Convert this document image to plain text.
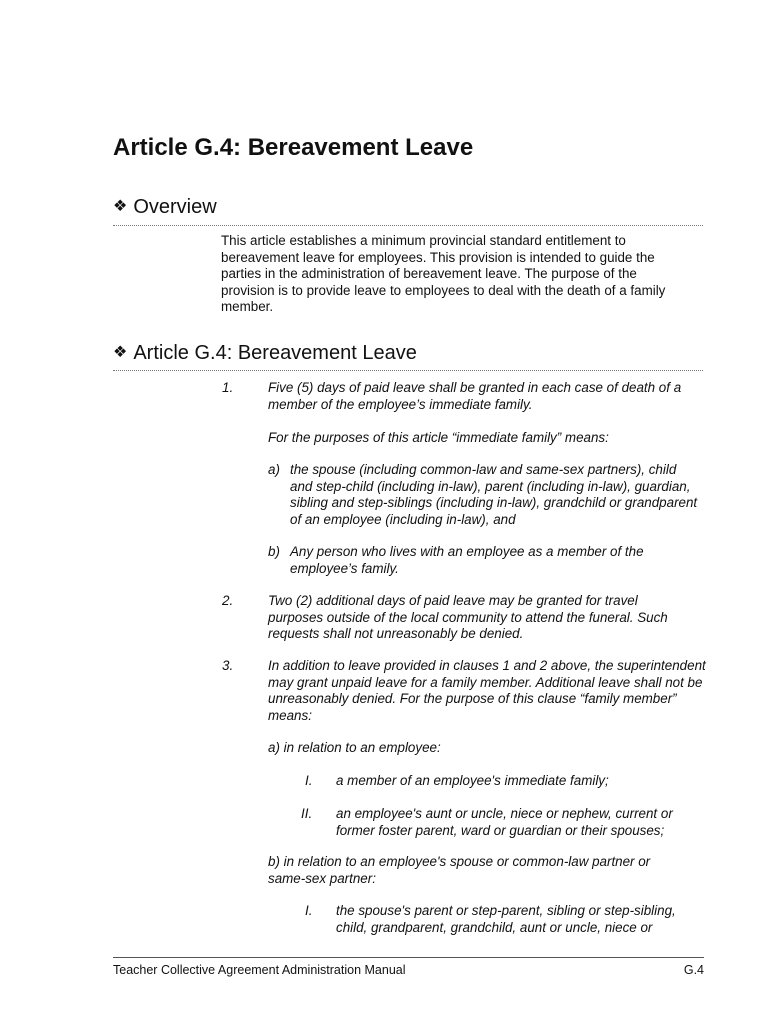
Article G.4: Bereavement Leave
❖ Overview

This article establishes a minimum provincial standard entitlement to bereavement leave for employees. This provision is intended to guide the parties in the administration of bereavement leave. The purpose of the provision is to provide leave to employees to deal with the death of a family member.

❖ Article G.4: Bereavement Leave
1.	Five (5) days of paid leave shall be granted in each case of death of a member of the employee’s immediate family.

For the purposes of this article “immediate family” means:

a) the spouse (including common-law and same-sex partners), child and step-child (including in-law), parent (including in-law), guardian, sibling and step-siblings (including in-law), grandchild or grandparent of an employee (including in-law), and

b) Any person who lives with an employee as a member of the employee’s family.

2.	Two (2) additional days of paid leave may be granted for travel purposes outside of the local community to attend the funeral. Such requests shall not unreasonably be denied.

3.	In addition to leave provided in clauses 1 and 2 above, the superintendent may grant unpaid leave for a family member. Additional leave shall not be unreasonably denied. For the purpose of this clause “family member” means:

a) in relation to an employee:

I. a member of an employee's immediate family;

II. an employee's aunt or uncle, niece or nephew, current or former foster parent, ward or guardian or their spouses;

b) in relation to an employee's spouse or common-law partner or same-sex partner:

I. the spouse's parent or step-parent, sibling or step-sibling, child, grandparent, grandchild, aunt or uncle, niece or

Teacher Collective Agreement Administration Manual	G.4
